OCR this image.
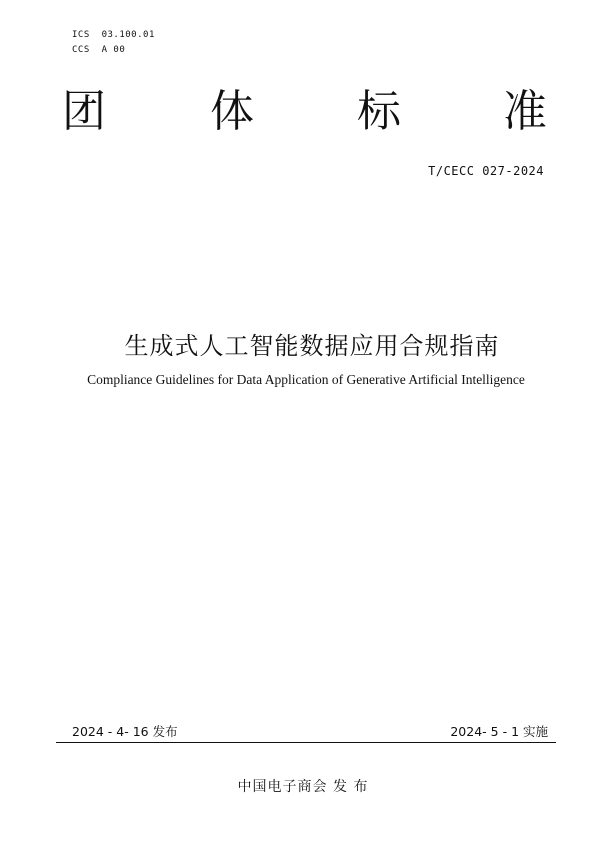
ICS  03.100.01
CCS  A 00
团 体 标 准
T/CECC 027-2024
生成式人工智能数据应用合规指南
Compliance Guidelines for Data Application of Generative Artificial Intelligence
2024 - 4- 16 发布	2024- 5 - 1 实施
中国电子商会 发 布
